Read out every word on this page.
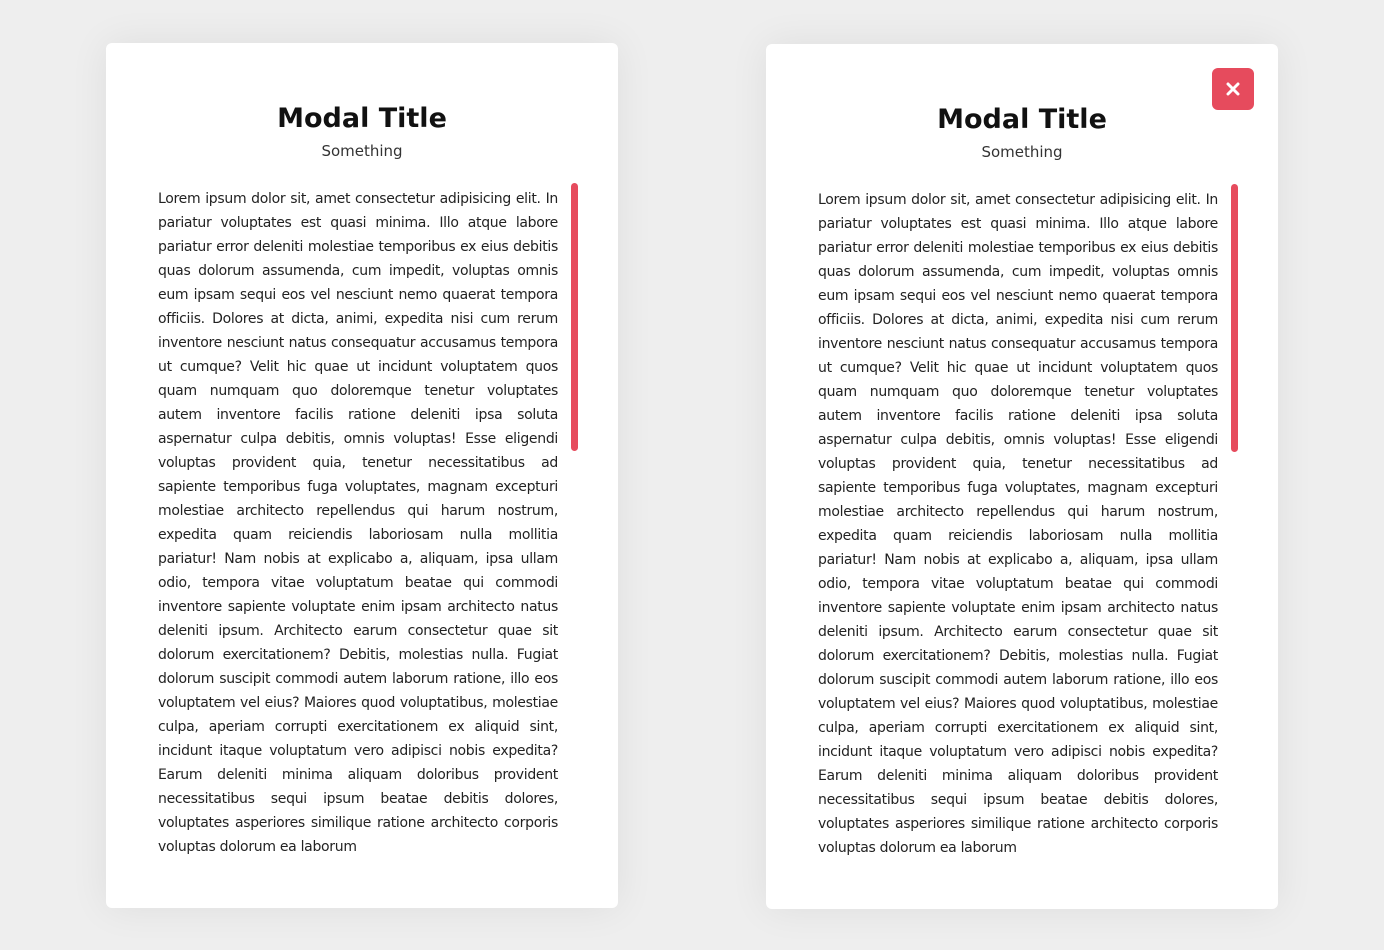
Modal Title
Something
Lorem ipsum dolor sit, amet consectetur adipisicing elit. In pariatur voluptates est quasi minima. Illo atque labore pariatur error deleniti molestiae temporibus ex eius debitis quas dolorum assumenda, cum impedit, voluptas omnis eum ipsam sequi eos vel nesciunt nemo quaerat tempora officiis. Dolores at dicta, animi, expedita nisi cum rerum inventore nesciunt natus consequatur accusamus tempora ut cumque? Velit hic quae ut incidunt voluptatem quos quam numquam quo doloremque tenetur voluptates autem inventore facilis ratione deleniti ipsa soluta aspernatur culpa debitis, omnis voluptas! Esse eligendi voluptas provident quia, tenetur necessitatibus ad sapiente temporibus fuga voluptates, magnam excepturi molestiae architecto repellendus qui harum nostrum, expedita quam reiciendis laboriosam nulla mollitia pariatur! Nam nobis at explicabo a, aliquam, ipsa ullam odio, tempora vitae voluptatum beatae qui commodi inventore sapiente voluptate enim ipsam architecto natus deleniti ipsum. Architecto earum consectetur quae sit dolorum exercitationem? Debitis, molestias nulla. Fugiat dolorum suscipit commodi autem laborum ratione, illo eos voluptatem vel eius? Maiores quod voluptatibus, molestiae culpa, aperiam corrupti exercitationem ex aliquid sint, incidunt itaque voluptatum vero adipisci nobis expedita? Earum deleniti minima aliquam doloribus provident necessitatibus sequi ipsum beatae debitis dolores, voluptates asperiores similique ratione architecto corporis voluptas dolorum ea laborum
Modal Title
Something
Lorem ipsum dolor sit, amet consectetur adipisicing elit. In pariatur voluptates est quasi minima. Illo atque labore pariatur error deleniti molestiae temporibus ex eius debitis quas dolorum assumenda, cum impedit, voluptas omnis eum ipsam sequi eos vel nesciunt nemo quaerat tempora officiis. Dolores at dicta, animi, expedita nisi cum rerum inventore nesciunt natus consequatur accusamus tempora ut cumque? Velit hic quae ut incidunt voluptatem quos quam numquam quo doloremque tenetur voluptates autem inventore facilis ratione deleniti ipsa soluta aspernatur culpa debitis, omnis voluptas! Esse eligendi voluptas provident quia, tenetur necessitatibus ad sapiente temporibus fuga voluptates, magnam excepturi molestiae architecto repellendus qui harum nostrum, expedita quam reiciendis laboriosam nulla mollitia pariatur! Nam nobis at explicabo a, aliquam, ipsa ullam odio, tempora vitae voluptatum beatae qui commodi inventore sapiente voluptate enim ipsam architecto natus deleniti ipsum. Architecto earum consectetur quae sit dolorum exercitationem? Debitis, molestias nulla. Fugiat dolorum suscipit commodi autem laborum ratione, illo eos voluptatem vel eius? Maiores quod voluptatibus, molestiae culpa, aperiam corrupti exercitationem ex aliquid sint, incidunt itaque voluptatum vero adipisci nobis expedita? Earum deleniti minima aliquam doloribus provident necessitatibus sequi ipsum beatae debitis dolores, voluptates asperiores similique ratione architecto corporis voluptas dolorum ea laborum
